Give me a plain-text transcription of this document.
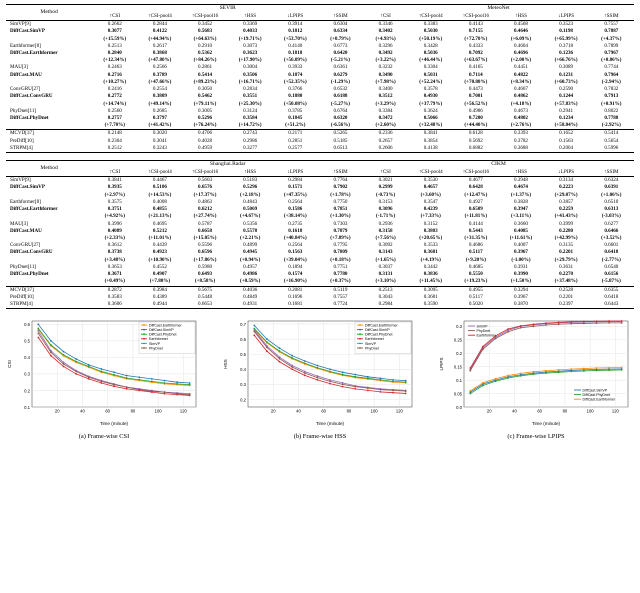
Method	SEVIR						MeteoNet					
	↑CSI	↑CSI-pool4	↑CSI-pool16	↑HSS	↓LPIPS	↑SSIM	↑CSI	↑CSI-pool4	↑CSI-pool16	↑HSS	↓LPIPS	↑SSIM
SimVP[9]	0.2662	0.2844	0.3452	0.3369	0.3914	0.6304	0.3346	0.3383	0.4143	0.4568	0.3523	0.7557
DiffCast.SimVP	0.3077	0.4122	0.5683	0.4033	0.1812	0.6334	0.3402	0.5030	0.7155	0.4646	0.1198	0.7887
	(+15.59%)	(+44.94%)	(+64.63%)	(+19.71%)	(+53.70%)	(+0.79%)	(+4.93%)	(+50.19%)	(+72.70%)	(+6.09%)	(+65.99%)	(+4.37%)
Earthformer[8]	0.2513	0.2617	0.2910	0.3073	0.4140	0.6773	0.3296	0.3428	0.4333	0.4604	0.3718	0.7899
DiffCast.Earthformer	0.2840	0.3868	0.5362	0.3623	0.1818	0.6420	0.3492	0.5036	0.7092	0.4696	0.1236	0.7967
	(+12.34%)	(+47.80%)	(+84.26%)	(+17.90%)	(+56.09%)	(-5.21%)	(+3.22%)	(+46.44%)	(+63.67%)	(+2.00%)	(+66.76%)	(+0.86%)
MAU[3]	0.2463	0.2566	0.2861	0.3004	0.3933	0.6361	0.3232	0.3304	0.4165	0.4451	0.3089	0.7744
DiffCast.MAU	0.2716	0.3789	0.5414	0.3506	0.1874	0.6279	0.3490	0.5031	0.7114	0.4822	0.1231	0.7964
	(+10.27%)	(+47.66%)	(+89.23%)	(+16.71%)	(+52.35%)	(-1.29%)	(+7.98%)	(+52.24%)	(+70.80%)	(+8.34%)	(+60.73%)	(-2.94%)
ConvGRU[27]	0.2416	0.2554	0.3050	0.2834	0.3766	0.6532	0.3400	0.3578	0.4473	0.4667	0.2590	0.7832
DiffCast.ConvGRU	0.2772	0.3809	0.5462	0.3551	0.1880	0.6188	0.3512	0.4930	0.7001	0.4862	0.1244	0.7913
	(+14.74%)	(+49.14%)	(+79.11%)	(+25.30%)	(+50.08%)	(-5.27%)	(+3.29%)	(+37.79%)	(+56.52%)	(+4.18%)	(+57.83%)	(+0.91%)
PhyDnet[11]	0.2560	0.2685	0.3005	0.3124	0.3785	0.6764	0.3384	0.3624	0.4986	0.4673	0.2941	0.8022
DiffCast.PhyDnet	0.2757	0.3797	0.5296	0.3584	0.1845	0.6320	0.3472	0.5066	0.7200	0.4802	0.1234	0.7788
	(+7.70%)	(+41.42%)	(+76.24%)	(+14.72%)	(+51.2%)	(-6.56%)	(+2.60%)	(+32.48%)	(+44.40%)	(+2.76%)	(+58.04%)	(-2.92%)
MCVD[37]	0.2148	0.3020	0.4706	0.2743	0.2171	0.5265	0.2336	0.3841	0.6128	0.3393	0.1652	0.5414
PreDiff[10]	0.2304	0.3041	0.4028	0.2986	0.2851	0.5185	0.2657	0.3854	0.5692	0.3782	0.1563	0.5654
STRPM[4]	0.2512	0.3243	0.4959	0.3277	0.2577	0.6513	0.2606	0.4138	0.6882	0.3688	0.2004	0.5996
Method	Shanghai.Radar						CIKM					
	↑CSI	↑CSI-pool4	↑CSI-pool16	↑HSS	↓LPIPS	↑SSIM	↑CSI	↑CSI-pool4	↑CSI-pool16	↑HSS	↓LPIPS	↑SSIM
SimVP[9]	0.3841	0.4467	0.5603	0.5183	0.2984	0.7764	0.3021	0.3530	0.4677	0.3948	0.3134	0.6324
DiffCast.SimVP	0.3935	0.5106	0.6576	0.5296	0.1571	0.7902	0.2999	0.4657	0.6428	0.4674	0.2223	0.6391
	(+2.97%)	(+14.53%)	(+17.37%)	(+2.18%)	(+47.35%)	(+1.78%)	(-0.73%)	(+3.60%)	(+12.47%)	(+1.37%)	(+29.07%)	(+1.06%)
Earthformer[8]	0.3575	0.4008	0.4863	0.4843	0.2564	0.7750	0.3153	0.3547	0.4927	0.3828	0.3857	0.6510
DiffCast.Earthformer	0.3751	0.4855	0.6212	0.5069	0.1586	0.7851	0.3096	0.4239	0.6509	0.3947	0.2259	0.6313
	(+4.92%)	(+21.13%)	(+27.74%)	(+4.67%)	(+38.14%)	(+1.30%)	(-1.71%)	(+7.33%)	(+11.81%)	(+3.11%)	(+41.43%)	(-3.03%)
MAU[3]	0.3996	0.4695	0.5787	0.5356	0.2735	0.7303	0.2936	0.3152	0.4144	0.3660	0.3999	0.6277
DiffCast.MAU	0.4089	0.5212	0.6658	0.5578	0.1618	0.7879	0.3158	0.3803	0.5443	0.4085	0.2280	0.6466
	(+2.33%)	(+11.01%)	(+15.05%)	(+2.21%)	(+40.84%)	(+7.89%)	(+7.56%)	(+20.65%)	(+31.35%)	(+11.61%)	(+42.99%)	(+3.52%)
ConvGRU[27]	0.3612	0.4439	0.5596	0.4899	0.2564	0.7795	0.3092	0.3533	0.4686	0.4007	0.3135	0.6601
DiffCast.ConvGRU	0.3738	0.4923	0.6596	0.4945	0.1563	0.7809	0.3143	0.3681	0.5117	0.3967	0.2201	0.6418
	(+3.48%)	(+10.90%)	(+17.86%)	(+0.94%)	(+39.04%)	(+0.18%)	(+1.65%)	(+4.19%)	(+9.20%)	(-1.00%)	(+29.79%)	(-2.77%)
PhyDnet[11]	0.3653	0.4552	0.5980	0.4957	0.1894	0.7751	0.3037	0.3442	0.4685	0.3931	0.3631	0.6540
DiffCast.PhyDnet	0.3671	0.4907	0.6493	0.4986	0.1574	0.7780	0.3131	0.3836	0.5550	0.3990	0.2270	0.6156
	(+0.49%)	(+7.80%)	(+8.58%)	(+0.59%)	(+16.90%)	(+0.37%)	(+3.10%)	(+11.45%)	(+19.23%)	(+1.50%)	(+37.48%)	(-5.87%)
MCVD[37]	0.2872	0.3984	0.5675	0.4036	0.2081	0.5119	0.2513	0.3095	0.4955	0.3294	0.2528	0.6355
PreDiff[10]	0.3583	0.4389	0.5448	0.4849	0.1696	0.7557	0.3043	0.3681	0.5117	0.3967	0.2201	0.6418
STRPM[4]	0.3606	0.4944	0.6653	0.4931	0.1681	0.7724	0.2984	0.3590	0.5020	0.3870	0.2397	0.6443
0.1
0.2
0.3
0.4
0.5
0.6
20	40	60	80	100	120
Time (minute)
CSI
DiffCast.Earthformer
DiffCast.SimVP
DiffCast.PhyDnet
Earthformer
SimVP
PhyDnet
0.2
0.3
0.4
0.5
0.6
0.7
20	40	60	80	100	120
Time (minute)
HSS
DiffCast.Earthformer
DiffCast.SimVP
DiffCast.PhyDnet
Earthformer
SimVP
PhyDnet
0.0
0.05
0.1
0.15
0.2
0.25
0.3
20	40	60	80	100	120
Time (minute)
LPIPS
SimVP
PhyDnet
Earthformer
DiffCast.SimVP
DiffCast.PhyDnet
DiffCast.Earthformer
(a) Frame-wise CSI	(b) Frame-wise HSS	(c) Frame-wise LPIPS
